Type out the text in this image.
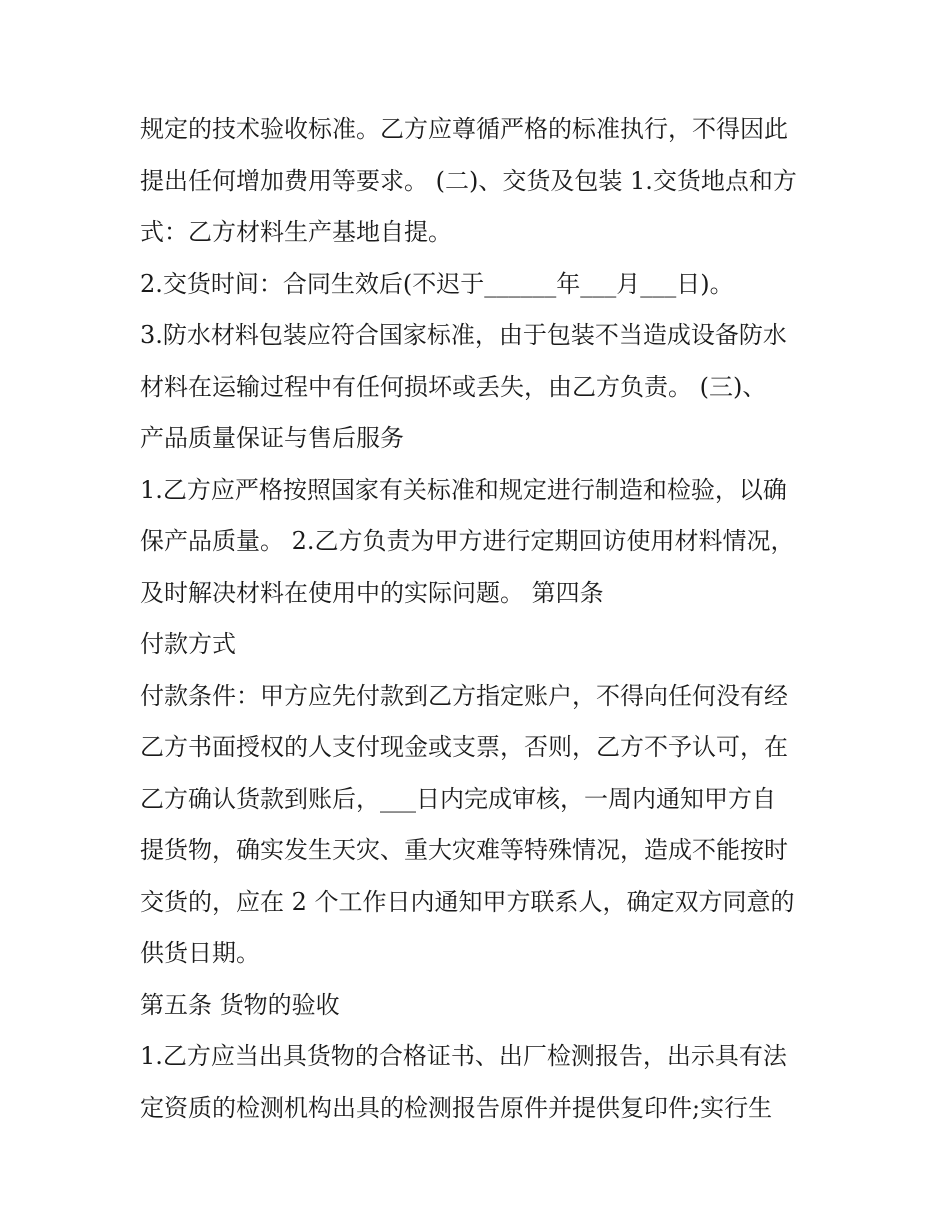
规定的技术验收标准。乙方应尊循严格的标准执行，不得因此
提出任何增加费用等要求。 (二)、交货及包装 1.交货地点和方
式：乙方材料生产基地自提。
2.交货时间：合同生效后(不迟于______年___月___日)。
3.防水材料包装应符合国家标准，由于包装不当造成设备防水
材料在运输过程中有任何损坏或丢失，由乙方负责。 (三)、
产品质量保证与售后服务
1.乙方应严格按照国家有关标准和规定进行制造和检验，以确
保产品质量。 2.乙方负责为甲方进行定期回访使用材料情况，
及时解决材料在使用中的实际问题。 第四条
付款方式
付款条件：甲方应先付款到乙方指定账户，不得向任何没有经
乙方书面授权的人支付现金或支票，否则，乙方不予认可，在
乙方确认货款到账后，___日内完成审核，一周内通知甲方自
提货物，确实发生天灾、重大灾难等特殊情况，造成不能按时
交货的，应在 2 个工作日内通知甲方联系人，确定双方同意的
供货日期。
第五条 货物的验收
1.乙方应当出具货物的合格证书、出厂检测报告，出示具有法
定资质的检测机构出具的检测报告原件并提供复印件;实行生
